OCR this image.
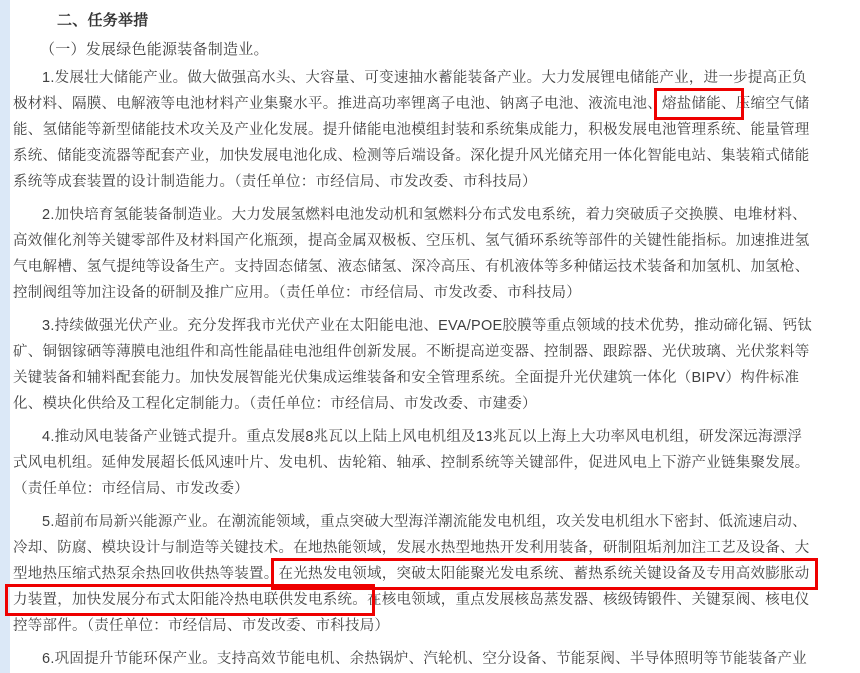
二、任务举措
（一）发展绿色能源装备制造业。
1.发展壮大储能产业。做大做强高水头、大容量、可变速抽水蓄能装备产业。大力发展锂电储能产业，进一步提高正负
极材料、隔膜、电解液等电池材料产业集聚水平。推进高功率锂离子电池、钠离子电池、液流电池、熔盐储能、压缩空气储
能、氢储能等新型储能技术攻关及产业化发展。提升储能电池模组封装和系统集成能力，积极发展电池管理系统、能量管理
系统、储能变流器等配套产业，加快发展电池化成、检测等后端设备。深化提升风光储充用一体化智能电站、集装箱式储能
系统等成套装置的设计制造能力。（责任单位：市经信局、市发改委、市科技局）
2.加快培育氢能装备制造业。大力发展氢燃料电池发动机和氢燃料分布式发电系统，着力突破质子交换膜、电堆材料、
高效催化剂等关键零部件及材料国产化瓶颈，提高金属双极板、空压机、氢气循环系统等部件的关键性能指标。加速推进氢
气电解槽、氢气提纯等设备生产。支持固态储氢、液态储氢、深冷高压、有机液体等多种储运技术装备和加氢机、加氢枪、
控制阀组等加注设备的研制及推广应用。（责任单位：市经信局、市发改委、市科技局）
3.持续做强光伏产业。充分发挥我市光伏产业在太阳能电池、EVA/POE胶膜等重点领域的技术优势，推动碲化镉、钙钛
矿、铜铟镓硒等薄膜电池组件和高性能晶硅电池组件创新发展。不断提高逆变器、控制器、跟踪器、光伏玻璃、光伏浆料等
关键装备和辅料配套能力。加快发展智能光伏集成运维装备和安全管理系统。全面提升光伏建筑一体化（BIPV）构件标准
化、模块化供给及工程化定制能力。（责任单位：市经信局、市发改委、市建委）
4.推动风电装备产业链式提升。重点发展8兆瓦以上陆上风电机组及13兆瓦以上海上大功率风电机组，研发深远海漂浮
式风电机组。延伸发展超长低风速叶片、发电机、齿轮箱、轴承、控制系统等关键部件，促进风电上下游产业链集聚发展。
（责任单位：市经信局、市发改委）
5.超前布局新兴能源产业。在潮流能领域，重点突破大型海洋潮流能发电机组，攻关发电机组水下密封、低流速启动、
冷却、防腐、模块设计与制造等关键技术。在地热能领域，发展水热型地热开发利用装备，研制阻垢剂加注工艺及设备、大
型地热压缩式热泵余热回收供热等装置。在光热发电领域，突破太阳能聚光发电系统、蓄热系统关键设备及专用高效膨胀动
力装置，加快发展分布式太阳能冷热电联供发电系统。在核电领域，重点发展核岛蒸发器、核级铸锻件、关键泵阀、核电仪
控等部件。（责任单位：市经信局、市发改委、市科技局）
6.巩固提升节能环保产业。支持高效节能电机、余热锅炉、汽轮机、空分设备、节能泵阀、半导体照明等节能装备产业
